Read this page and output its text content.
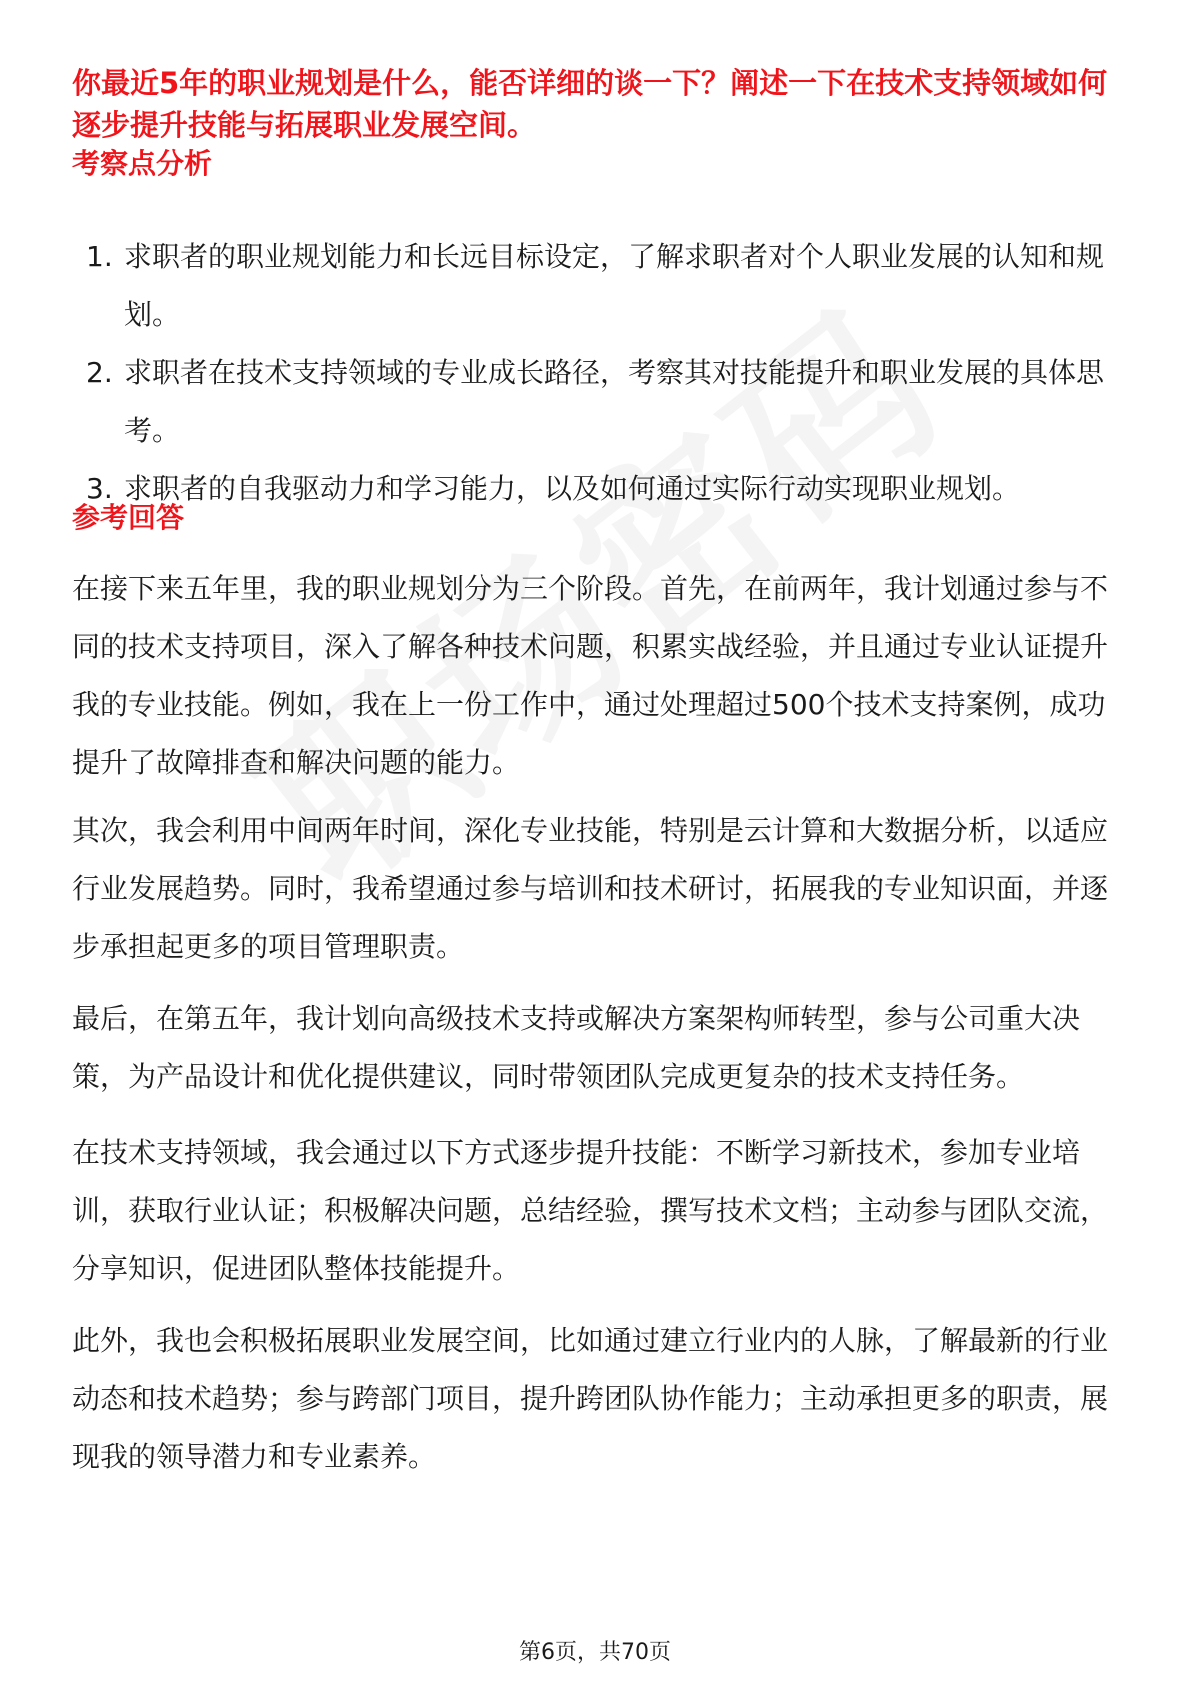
你最近5年的职业规划是什么，能否详细的谈一下？阐述一下在技术支持领域如何逐步提升技能与拓展职业发展空间。

考察点分析
1. 求职者的职业规划能力和长远目标设定，了解求职者对个人职业发展的认知和规划。
2. 求职者在技术支持领域的专业成长路径，考察其对技能提升和职业发展的具体思考。
3. 求职者的自我驱动力和学习能力，以及如何通过实际行动实现职业规划。
参考回答

在接下来五年里，我的职业规划分为三个阶段。首先，在前两年，我计划通过参与不同的技术支持项目，深入了解各种技术问题，积累实战经验，并且通过专业认证提升我的专业技能。例如，我在上一份工作中，通过处理超过500个技术支持案例，成功提升了故障排查和解决问题的能力。

其次，我会利用中间两年时间，深化专业技能，特别是云计算和大数据分析，以适应行业发展趋势。同时，我希望通过参与培训和技术研讨，拓展我的专业知识面，并逐步承担起更多的项目管理职责。

最后，在第五年，我计划向高级技术支持或解决方案架构师转型，参与公司重大决策，为产品设计和优化提供建议，同时带领团队完成更复杂的技术支持任务。

在技术支持领域，我会通过以下方式逐步提升技能：不断学习新技术，参加专业培训，获取行业认证；积极解决问题，总结经验，撰写技术文档；主动参与团队交流，分享知识，促进团队整体技能提升。

此外，我也会积极拓展职业发展空间，比如通过建立行业内的人脉，了解最新的行业动态和技术趋势；参与跨部门项目，提升跨团队协作能力；主动承担更多的职责，展现我的领导潜力和专业素养。

第6页，共70页
